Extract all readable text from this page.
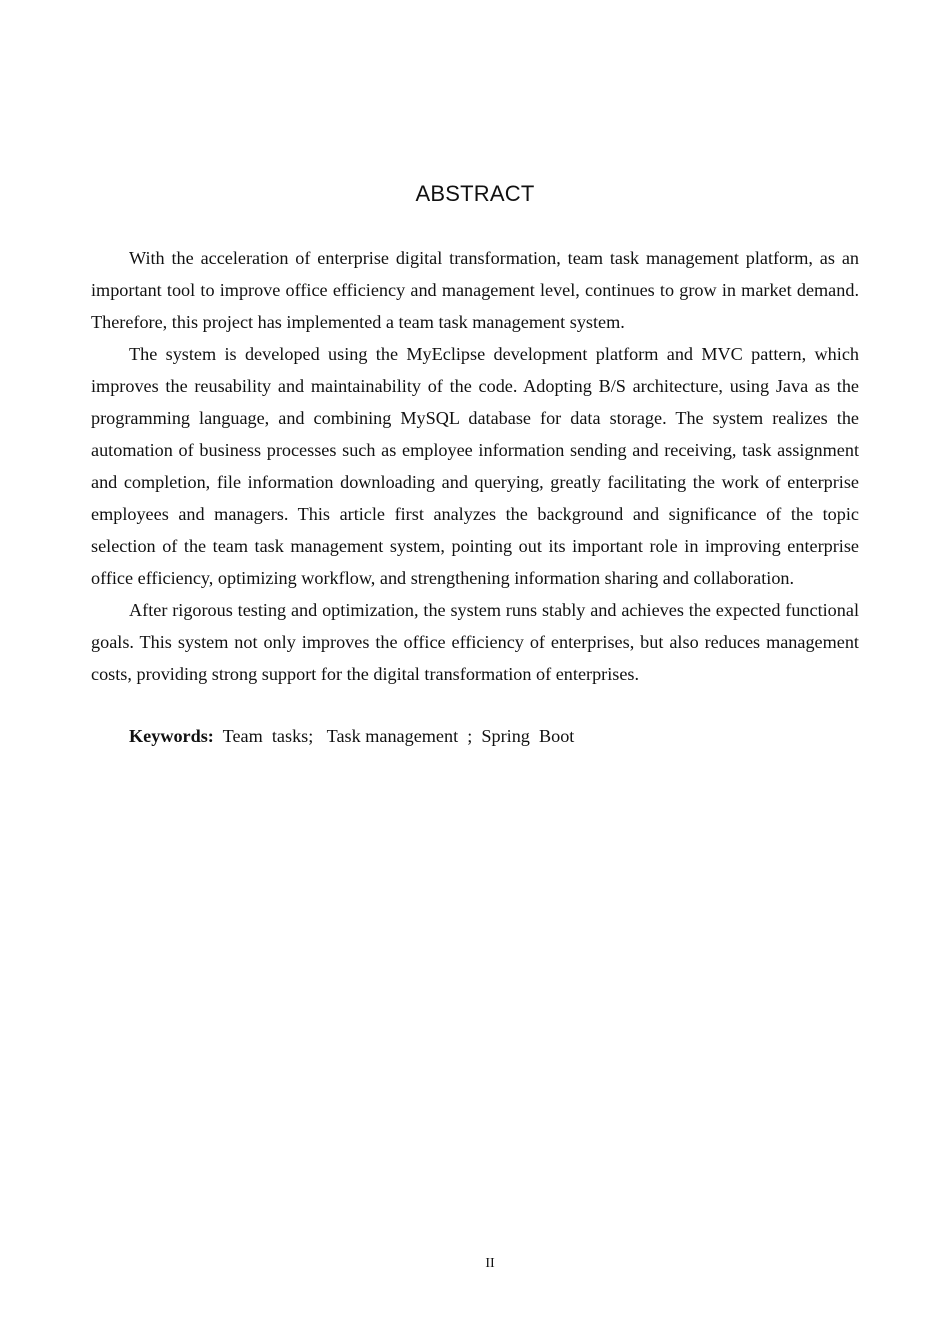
ABSTRACT

With the acceleration of enterprise digital transformation, team task management platform, as an important tool to improve office efficiency and management level, continues to grow in market demand. Therefore, this project has implemented a team task management system.

The system is developed using the MyEclipse development platform and MVC pattern, which improves the reusability and maintainability of the code. Adopting B/S architecture, using Java as the programming language, and combining MySQL database for data storage. The system realizes the automation of business processes such as employee information sending and receiving, task assignment and completion, file information downloading and querying, greatly facilitating the work of enterprise employees and managers. This article first analyzes the background and significance of the topic selection of the team task management system, pointing out its important role in improving enterprise office efficiency, optimizing workflow, and strengthening information sharing and collaboration.

After rigorous testing and optimization, the system runs stably and achieves the expected functional goals. This system not only improves the office efficiency of enterprises, but also reduces management costs, providing strong support for the digital transformation of enterprises.

Keywords:  Team  tasks;   Task management  ;  Spring  Boot
II
